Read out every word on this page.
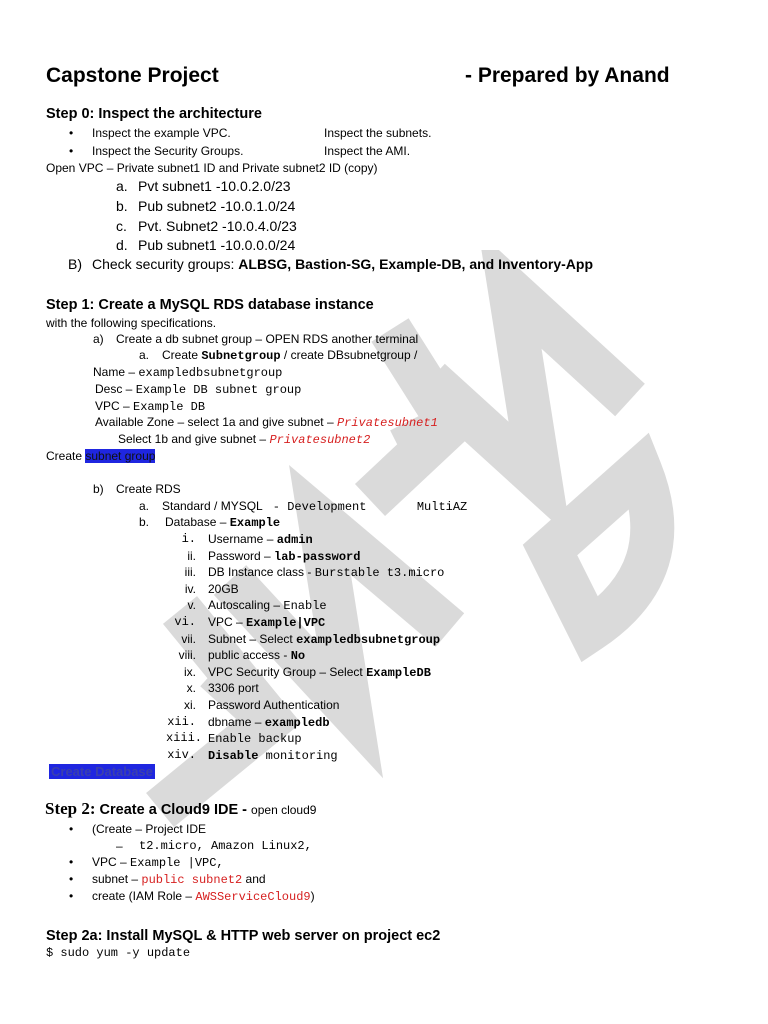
Capstone Project	- Prepared by Anand
Step 0: Inspect the architecture
• Inspect the example VPC.	Inspect the subnets.
• Inspect the Security Groups.	Inspect the AMI.
Open VPC – Private subnet1 ID and Private subnet2 ID (copy)
a. Pvt subnet1 -10.0.2.0/23
b. Pub subnet2 -10.0.1.0/24
c. Pvt. Subnet2 -10.0.4.0/23
d. Pub subnet1 -10.0.0.0/24
B) Check security groups: ALBSG, Bastion-SG, Example-DB, and Inventory-App
Step 1: Create a MySQL RDS database instance
with the following specifications.
a) Create a db subnet group – OPEN RDS another terminal
a. Create Subnetgroup / create DBsubnetgroup /
Name – exampledbsubnetgroup
Desc – Example DB subnet group
VPC – Example DB
Available Zone – select 1a and give subnet – Privatesubnet1
Select 1b and give subnet – Privatesubnet2
Create subnet group
b) Create RDS
a. Standard / MYSQL  - Development       MultiAZ
b. Database – Example
i. Username – admin
ii. Password – lab-password
iii. DB Instance class - Burstable t3.micro
iv. 20GB
v. Autoscaling – Enable
vi. VPC – Example|VPC
vii. Subnet – Select exampledbsubnetgroup
viii. public access - No
ix. VPC Security Group – Select ExampleDB
x. 3306 port
xi. Password Authentication
xii. dbname – exampledb
xiii. Enable backup
xiv. Disable monitoring
Create Database
Step 2: Create a Cloud9 IDE - open cloud9
• (Create – Project IDE
– t2.micro, Amazon Linux2,
• VPC – Example |VPC,
• subnet – public subnet2 and
• create (IAM Role – AWSServiceCloud9)
Step 2a: Install MySQL & HTTP web server on project ec2
$ sudo yum -y update
